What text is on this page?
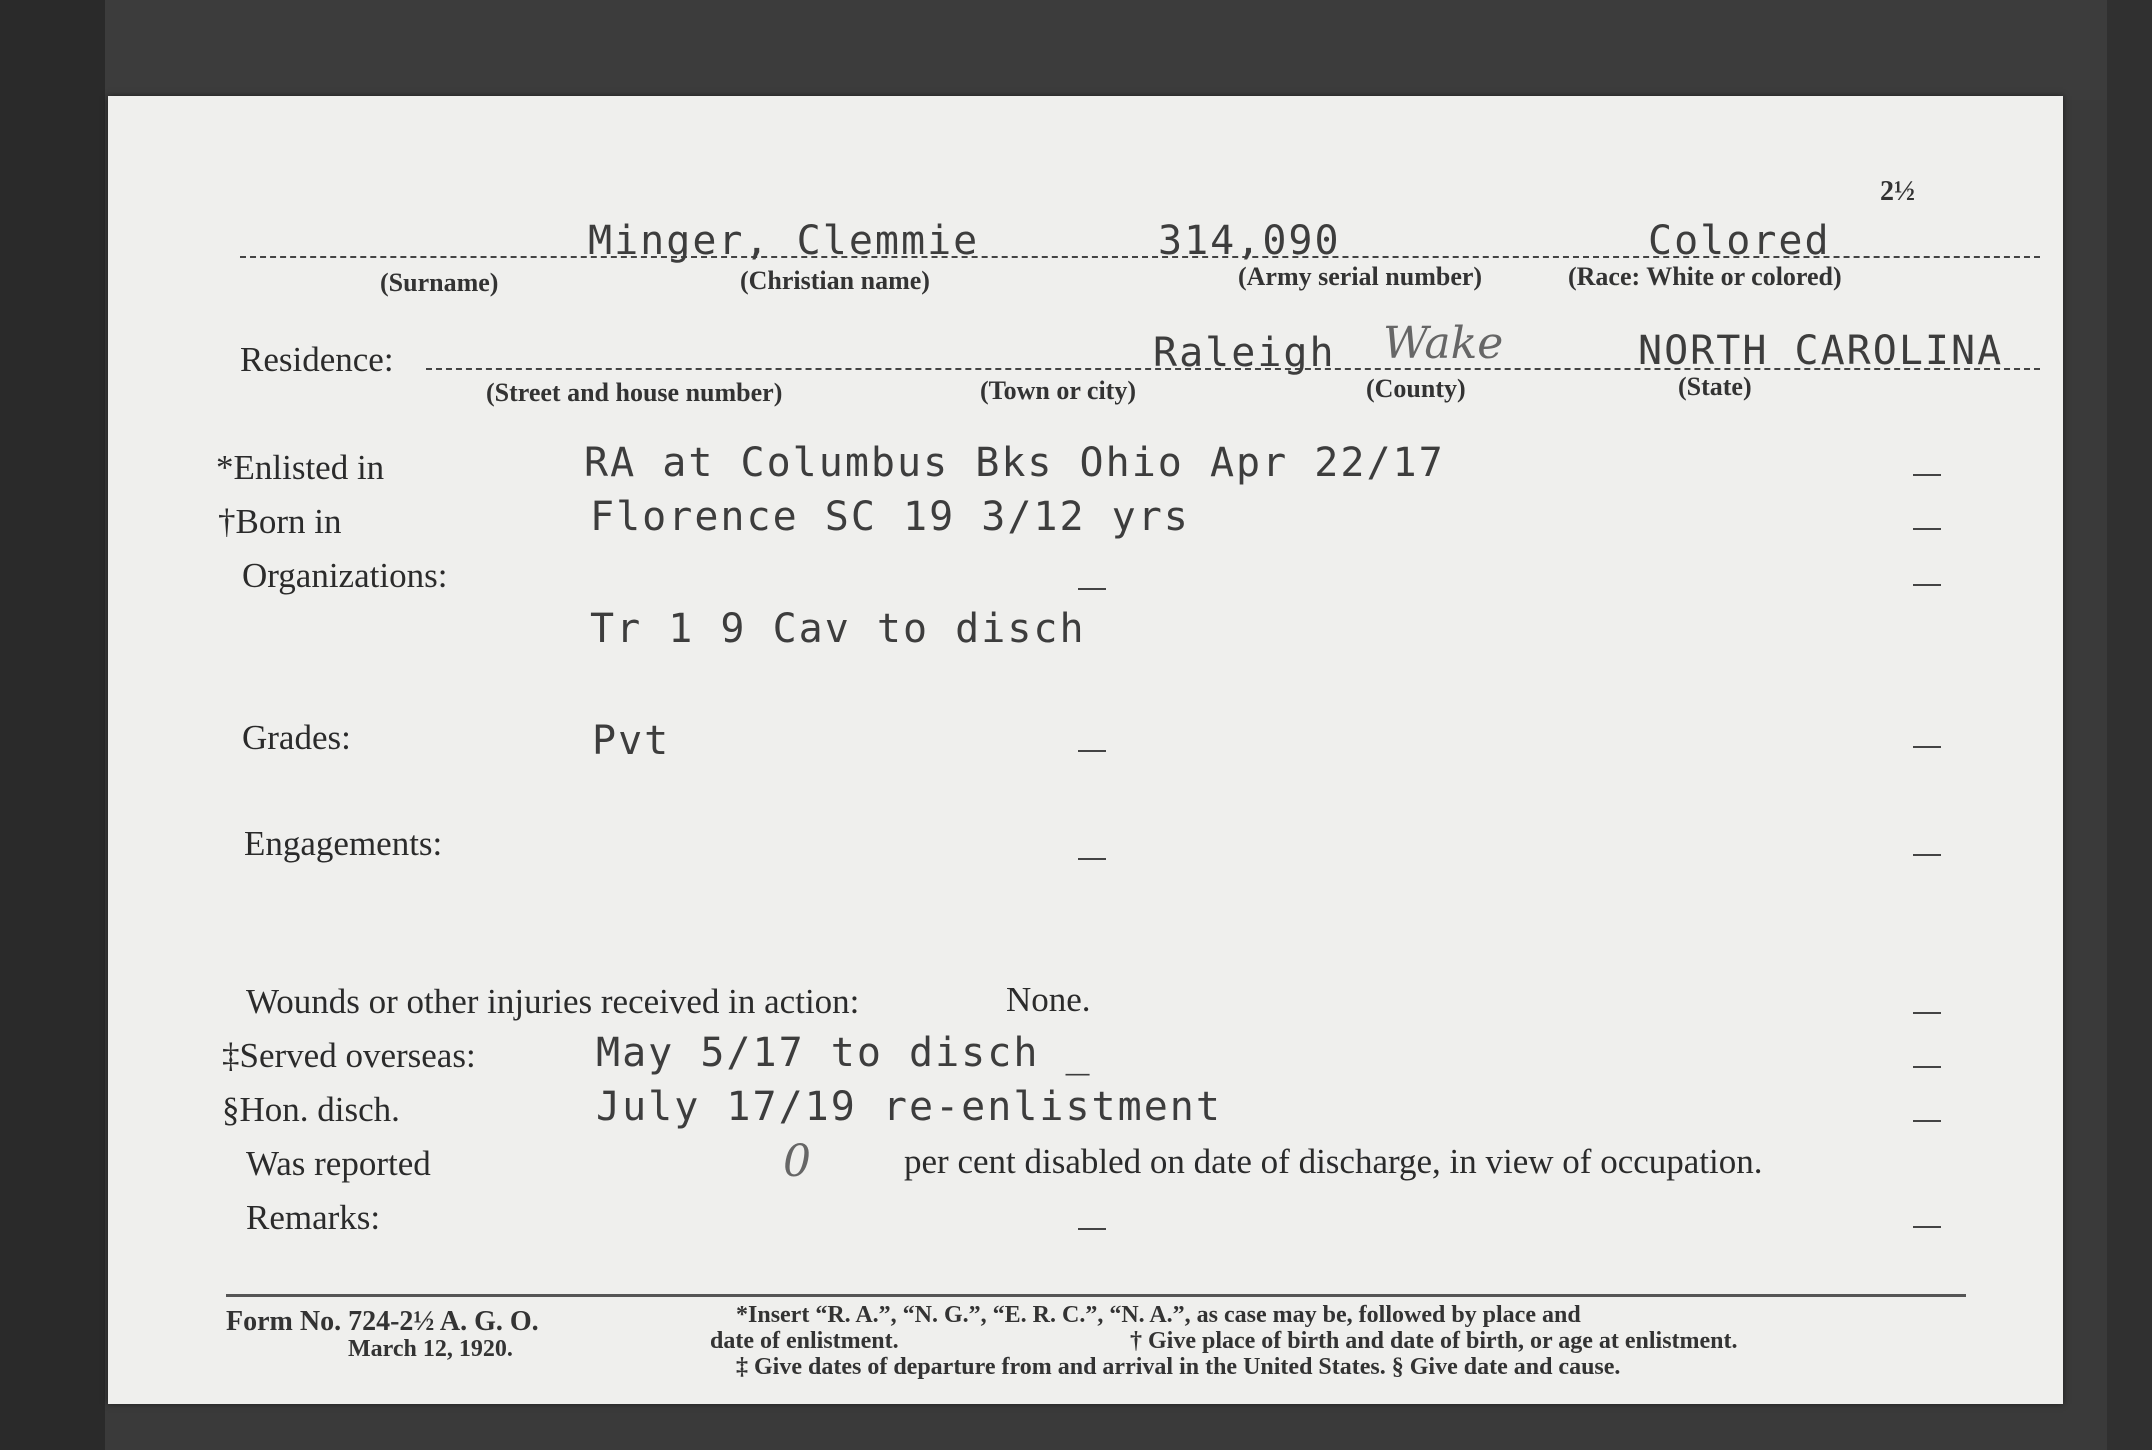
2½
Minger, Clemmie	314,090	Colored
(Surname)	(Christian name)	(Army serial number)	(Race: White or colored)
Residence:	Raleigh Wake	NORTH CAROLINA
(Street and house number)	(Town or city)	(County)	(State)
*Enlisted in	RA at Columbus Bks Ohio Apr 22/17
†Born in	Florence SC 19 3/12 yrs
Organizations:
Tr 1 9 Cav to disch
Grades:	Pvt
Engagements:
Wounds or other injuries received in action:	None.
‡Served overseas:	May 5/17 to disch _
§Hon. disch.	July 17/19 re-enlistment
Was reported	0	per cent disabled on date of discharge, in view of occupation.
Remarks:
Form No. 724-2½ A. G. O.
March 12, 1920.
*Insert “R. A.”, “N. G.”, “E. R. C.”, “N. A.”, as case may be, followed by place and
date of enlistment.	† Give place of birth and date of birth, or age at enlistment.
‡ Give dates of departure from and arrival in the United States. § Give date and cause.
